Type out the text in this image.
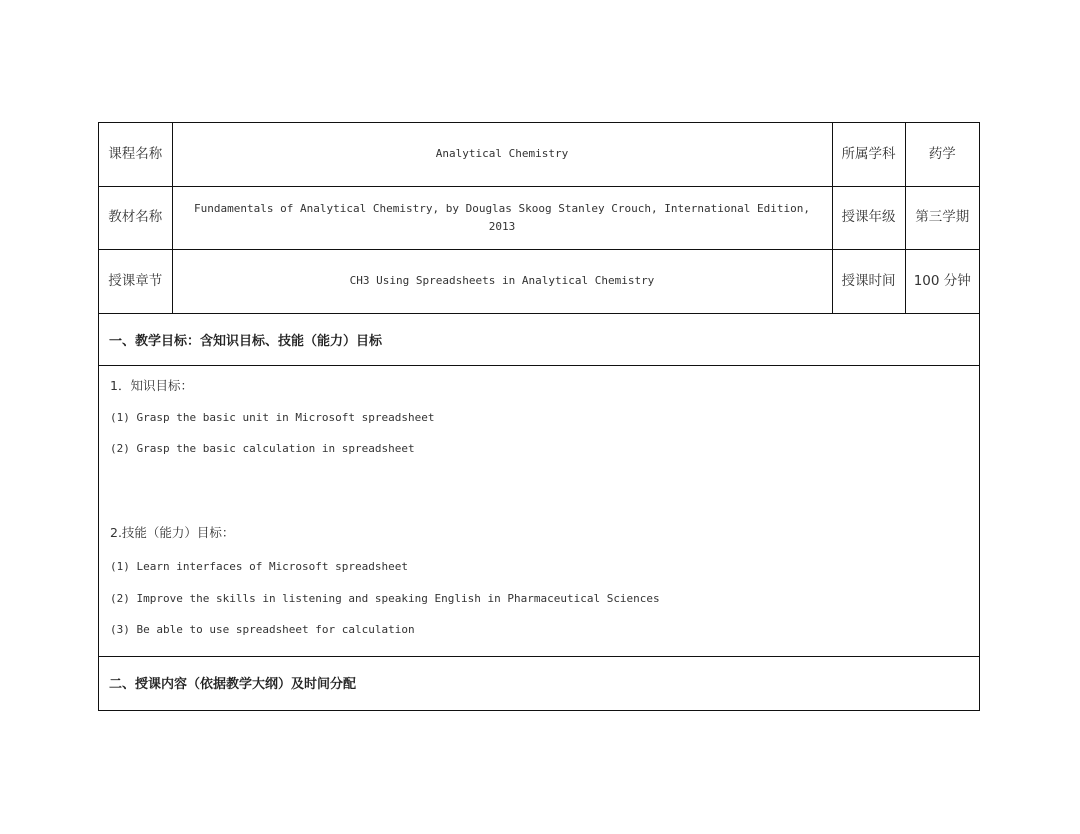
课程名称	Analytical Chemistry	所属学科	药学
教材名称	Fundamentals of Analytical Chemistry, by Douglas Skoog Stanley Crouch, International Edition, 2013	授课年级	第三学期
授课章节	CH3 Using Spreadsheets in Analytical Chemistry	授课时间	100 分钟
一、教学目标：含知识目标、技能（能力）目标
1．知识目标：
(1) Grasp the basic unit in Microsoft spreadsheet
(2) Grasp the basic calculation in spreadsheet
2.技能（能力）目标：
(1) Learn interfaces of Microsoft spreadsheet
(2) Improve the skills in listening and speaking English in Pharmaceutical Sciences
(3) Be able to use spreadsheet for calculation
二、授课内容（依据教学大纲）及时间分配
